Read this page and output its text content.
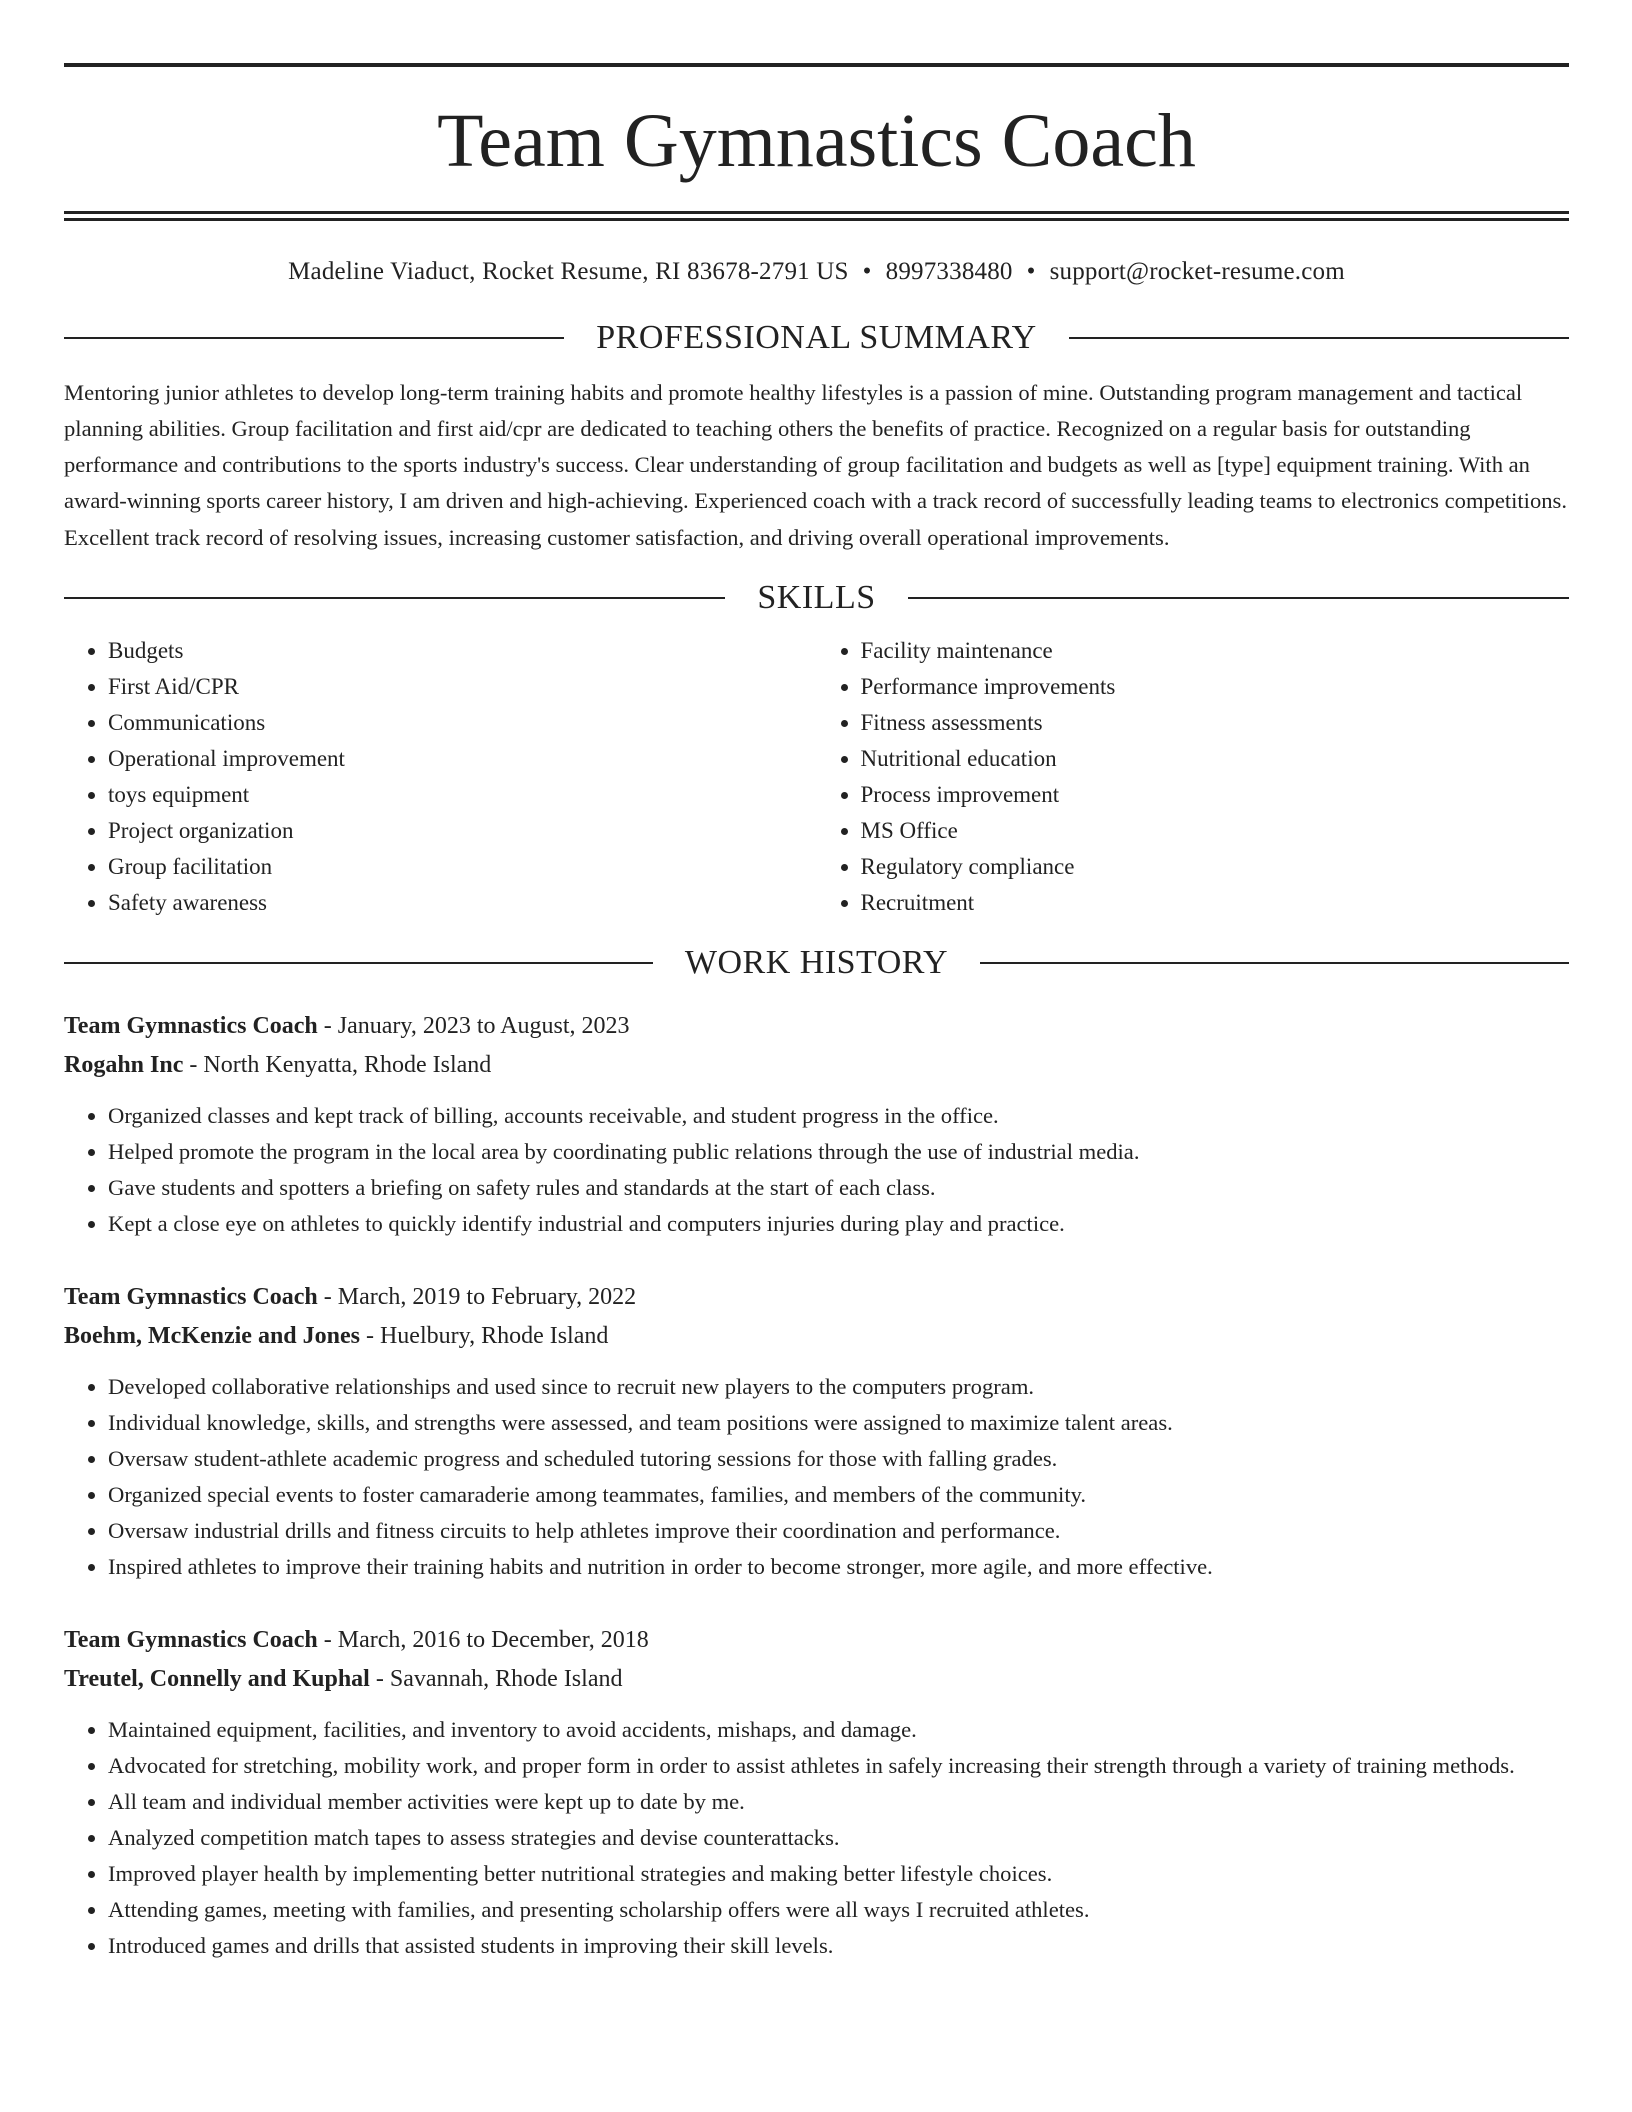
Team Gymnastics Coach
Madeline Viaduct, Rocket Resume, RI 83678-2791 US • 8997338480 • support@rocket-resume.com
PROFESSIONAL SUMMARY
Mentoring junior athletes to develop long-term training habits and promote healthy lifestyles is a passion of mine. Outstanding program management and tactical planning abilities. Group facilitation and first aid/cpr are dedicated to teaching others the benefits of practice. Recognized on a regular basis for outstanding performance and contributions to the sports industry's success. Clear understanding of group facilitation and budgets as well as [type] equipment training. With an award-winning sports career history, I am driven and high-achieving. Experienced coach with a track record of successfully leading teams to electronics competitions. Excellent track record of resolving issues, increasing customer satisfaction, and driving overall operational improvements.
SKILLS
• Budgets
• First Aid/CPR
• Communications
• Operational improvement
• toys equipment
• Project organization
• Group facilitation
• Safety awareness
• Facility maintenance
• Performance improvements
• Fitness assessments
• Nutritional education
• Process improvement
• MS Office
• Regulatory compliance
• Recruitment
WORK HISTORY
Team Gymnastics Coach - January, 2023 to August, 2023
Rogahn Inc - North Kenyatta, Rhode Island
• Organized classes and kept track of billing, accounts receivable, and student progress in the office.
• Helped promote the program in the local area by coordinating public relations through the use of industrial media.
• Gave students and spotters a briefing on safety rules and standards at the start of each class.
• Kept a close eye on athletes to quickly identify industrial and computers injuries during play and practice.
Team Gymnastics Coach - March, 2019 to February, 2022
Boehm, McKenzie and Jones - Huelbury, Rhode Island
• Developed collaborative relationships and used since to recruit new players to the computers program.
• Individual knowledge, skills, and strengths were assessed, and team positions were assigned to maximize talent areas.
• Oversaw student-athlete academic progress and scheduled tutoring sessions for those with falling grades.
• Organized special events to foster camaraderie among teammates, families, and members of the community.
• Oversaw industrial drills and fitness circuits to help athletes improve their coordination and performance.
• Inspired athletes to improve their training habits and nutrition in order to become stronger, more agile, and more effective.
Team Gymnastics Coach - March, 2016 to December, 2018
Treutel, Connelly and Kuphal - Savannah, Rhode Island
• Maintained equipment, facilities, and inventory to avoid accidents, mishaps, and damage.
• Advocated for stretching, mobility work, and proper form in order to assist athletes in safely increasing their strength through a variety of training methods.
• All team and individual member activities were kept up to date by me.
• Analyzed competition match tapes to assess strategies and devise counterattacks.
• Improved player health by implementing better nutritional strategies and making better lifestyle choices.
• Attending games, meeting with families, and presenting scholarship offers were all ways I recruited athletes.
• Introduced games and drills that assisted students in improving their skill levels.
